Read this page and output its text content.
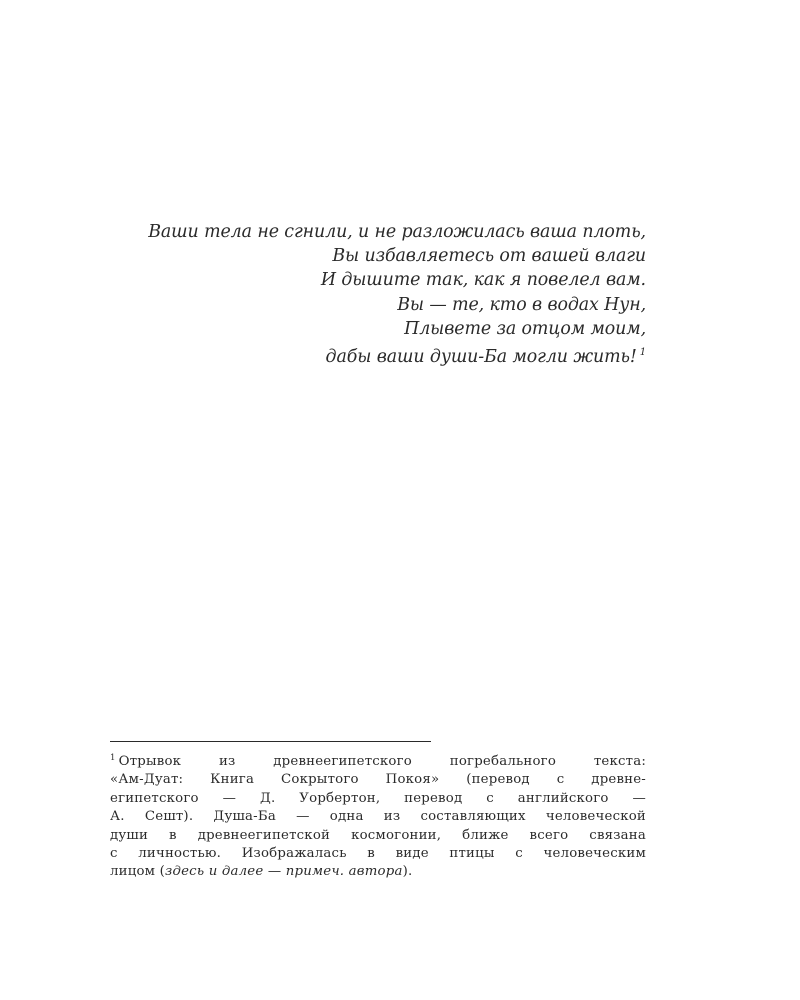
Ваши тела не сгнили, и не разложилась ваша плоть,
Вы избавляетесь от вашей влаги
И дышите так, как я повелел вам.
Вы — те, кто в водах Нун,
Плывете за отцом моим,
дабы ваши души-Ба могли жить! $^1$
$^1$ Отрывок из древнеегипетского погребального текста:
«Ам-Дуат: Книга Сокрытого Покоя» (перевод с древне-
египетского — Д. Уорбертон, перевод с английского —
А. Сешт). Душа-Ба — одна из составляющих человеческой
души в древнеегипетской космогонии, ближе всего связана
с личностью. Изображалась в виде птицы с человеческим
лицом (здесь и далее — примеч. автора).
